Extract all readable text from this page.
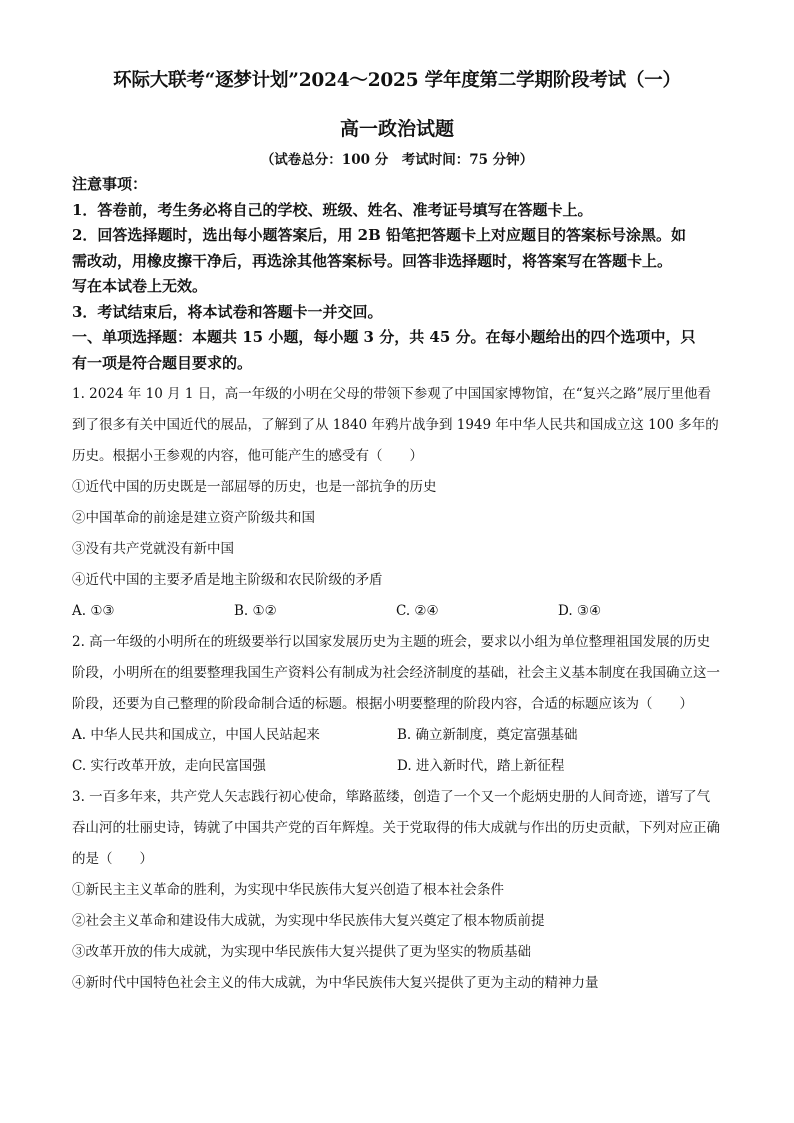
环际大联考“逐梦计划”2024～2025 学年度第二学期阶段考试（一）
高一政治试题
（试卷总分：100 分　考试时间：75 分钟）
注意事项：
1．答卷前，考生务必将自己的学校、班级、姓名、准考证号填写在答题卡上。
2．回答选择题时，选出每小题答案后，用 2B 铅笔把答题卡上对应题目的答案标号涂黑。如
需改动，用橡皮擦干净后，再选涂其他答案标号。回答非选择题时，将答案写在答题卡上。
写在本试卷上无效。
3．考试结束后，将本试卷和答题卡一并交回。
一、单项选择题：本题共 15 小题，每小题 3 分，共 45 分。在每小题给出的四个选项中，只
有一项是符合题目要求的。
1. 2024 年 10 月 1 日，高一年级的小明在父母的带领下参观了中国国家博物馆，在“复兴之路”展厅里他看到了很多有关中国近代的展品，了解到了从 1840 年鸦片战争到 1949 年中华人民共和国成立这 100 多年的历史。根据小王参观的内容，他可能产生的感受有（　　）
①近代中国的历史既是一部屈辱的历史，也是一部抗争的历史
②中国革命的前途是建立资产阶级共和国
③没有共产党就没有新中国
④近代中国的主要矛盾是地主阶级和农民阶级的矛盾
A. ①③	B. ①②	C. ②④	D. ③④
2. 高一年级的小明所在的班级要举行以国家发展历史为主题的班会，要求以小组为单位整理祖国发展的历史阶段，小明所在的组要整理我国生产资料公有制成为社会经济制度的基础，社会主义基本制度在我国确立这一阶段，还要为自己整理的阶段命制合适的标题。根据小明要整理的阶段内容，合适的标题应该为（　　）
A. 中华人民共和国成立，中国人民站起来	B. 确立新制度，奠定富强基础
C. 实行改革开放，走向民富国强	D. 进入新时代，踏上新征程
3. 一百多年来，共产党人矢志践行初心使命，筚路蓝缕，创造了一个又一个彪炳史册的人间奇迹，谱写了气吞山河的壮丽史诗，铸就了中国共产党的百年辉煌。关于党取得的伟大成就与作出的历史贡献，下列对应正确的是（　　）
①新民主主义革命的胜利，为实现中华民族伟大复兴创造了根本社会条件
②社会主义革命和建设伟大成就，为实现中华民族伟大复兴奠定了根本物质前提
③改革开放的伟大成就，为实现中华民族伟大复兴提供了更为坚实的物质基础
④新时代中国特色社会主义的伟大成就，为中华民族伟大复兴提供了更为主动的精神力量
